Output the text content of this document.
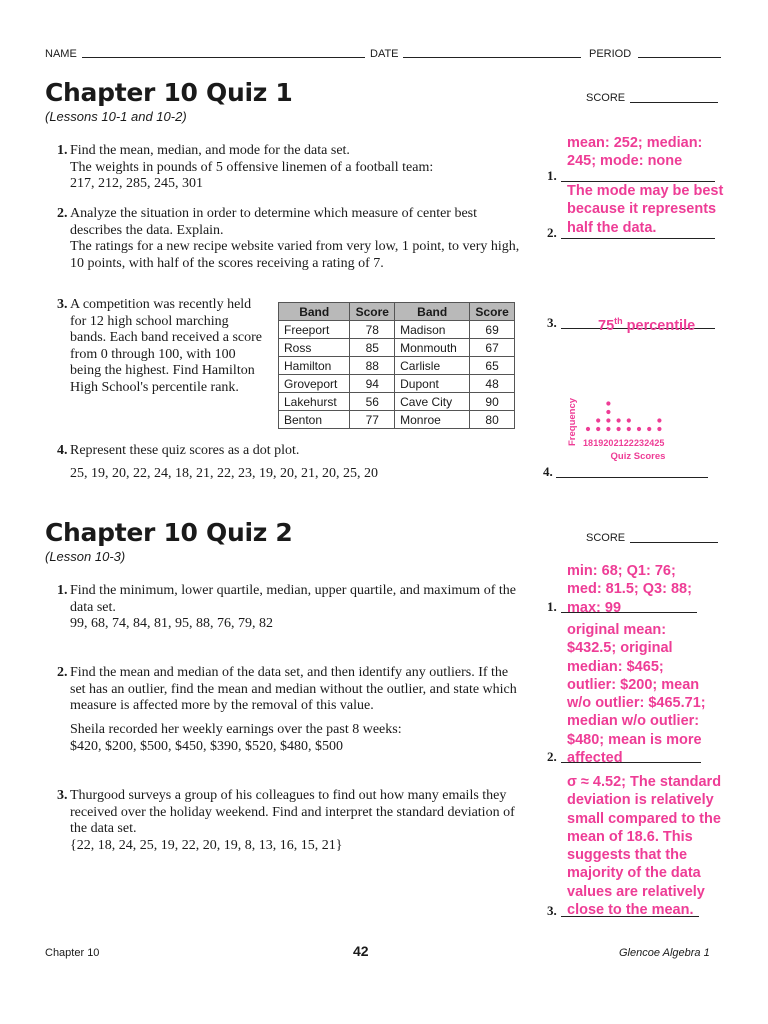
NAME	DATE	PERIOD
Chapter 10 Quiz 1
(Lessons 10-1 and 10-2)
SCORE
1. Find the mean, median, and mode for the data set.
The weights in pounds of 5 offensive linemen of a football team:
217, 212, 285, 245, 301
2. Analyze the situation in order to determine which measure of center best
describes the data. Explain.
The ratings for a new recipe website varied from very low, 1 point, to very high,
10 points, with half of the scores receiving a rating of 7.
3. A competition was recently held
for 12 high school marching
bands. Each band received a score
from 0 through 100, with 100
being the highest. Find Hamilton
High School's percentile rank.
Band	Score	Band	Score
Freeport	78	Madison	69
Ross	85	Monmouth	67
Hamilton	88	Carlisle	65
Groveport	94	Dupont	48
Lakehurst	56	Cave City	90
Benton	77	Monroe	80
4. Represent these quiz scores as a dot plot.
25, 19, 20, 22, 24, 18, 21, 22, 23, 19, 20, 21, 20, 25, 20
mean: 252; median:
245; mode: none
1.
The mode may be best
because it represents
half the data.
2.
3.	75th percentile
Frequency 18 19 20 21 22 23 24 25
Quiz Scores
4.
Chapter 10 Quiz 2
(Lesson 10-3)
SCORE
1. Find the minimum, lower quartile, median, upper quartile, and maximum of the
data set.
99, 68, 74, 84, 81, 95, 88, 76, 79, 82
2. Find the mean and median of the data set, and then identify any outliers. If the
set has an outlier, find the mean and median without the outlier, and state which
measure is affected more by the removal of this value.
Sheila recorded her weekly earnings over the past 8 weeks:
$420, $200, $500, $450, $390, $520, $480, $500
3. Thurgood surveys a group of his colleagues to find out how many emails they
received over the holiday weekend. Find and interpret the standard deviation of
the data set.
{22, 18, 24, 25, 19, 22, 20, 19, 8, 13, 16, 15, 21}
min: 68; Q1: 76;
med: 81.5; Q3: 88;
max: 99
1.
original mean:
$432.5; original
median: $465;
outlier: $200; mean
w/o outlier: $465.71;
median w/o outlier:
$480; mean is more
affected
2.
σ ≈ 4.52; The standard
deviation is relatively
small compared to the
mean of 18.6. This
suggests that the
majority of the data
values are relatively
close to the mean.
3.
Chapter 10	42	Glencoe Algebra 1
